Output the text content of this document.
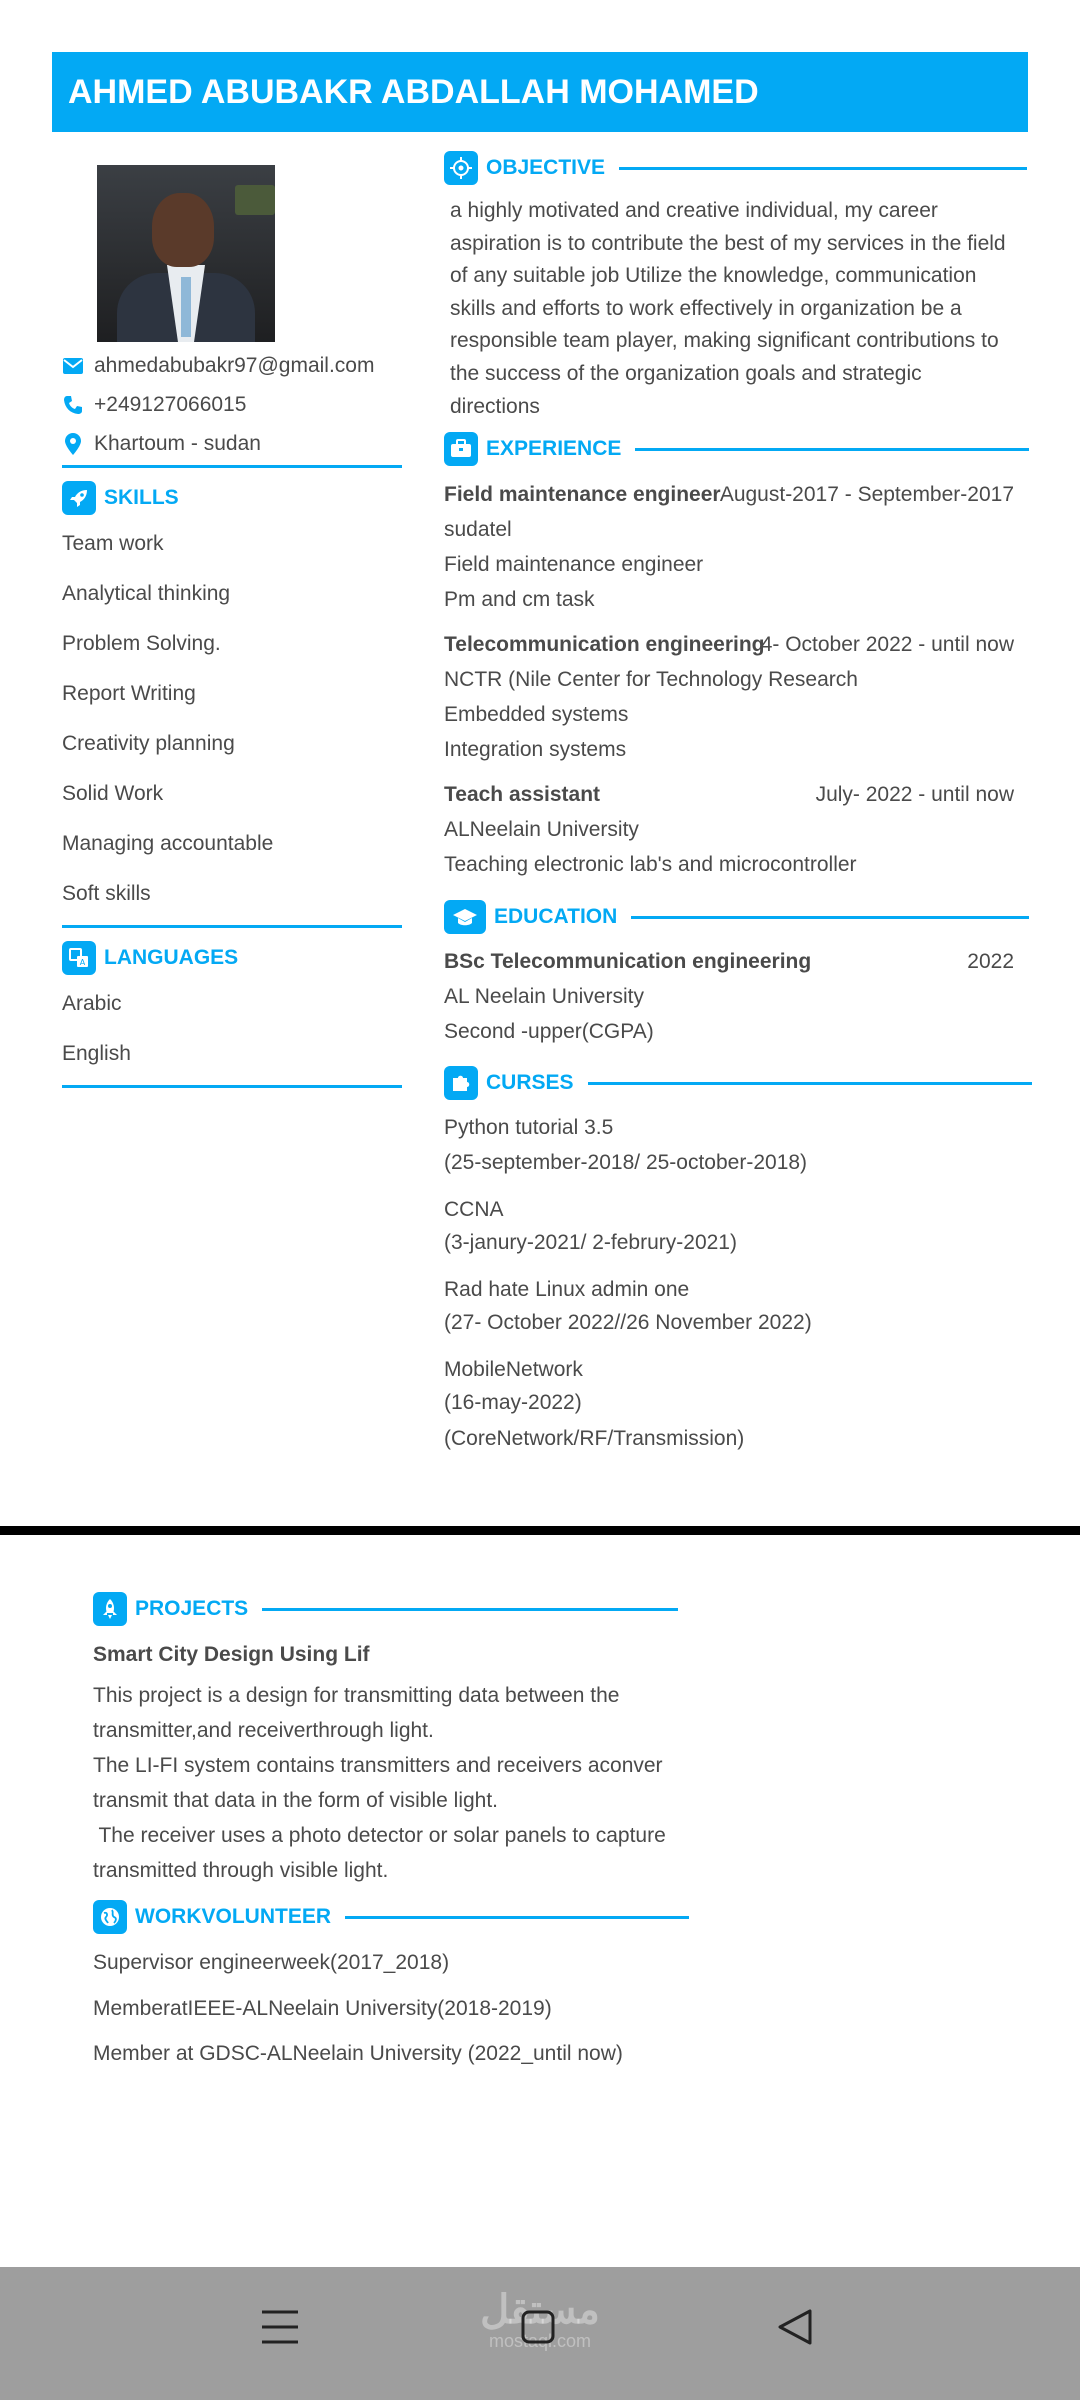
AHMED ABUBAKR ABDALLAH MOHAMED
ahmedabubakr97@gmail.com
+249127066015
Khartoum - sudan
SKILLS
Team work
Analytical thinking
Problem Solving.
Report Writing
Creativity planning
Solid Work
Managing accountable
Soft skills
A LANGUAGES
Arabic
English
OBJECTIVE
a highly motivated and creative individual, my career aspiration is to contribute the best of my services in the field of any suitable job Utilize the knowledge, communication skills and efforts to work effectively in organization be a responsible team player, making significant contributions to the success of the organization goals and strategic directions
EXPERIENCE
Field maintenance engineer August-2017 - September-2017
sudatel
Field maintenance engineer
Pm and cm task
Telecommunication engineering
4- October 2022 - until now
NCTR (Nile Center for Technology Research
Embedded systems
Integration systems
Teach assistant	July- 2022 - until now
ALNeelain University
Teaching electronic lab's and microcontroller
EDUCATION
BSc Telecommunication engineering	2022
AL Neelain University
Second -upper(CGPA)
CURSES
Python tutorial 3.5
(25-september-2018/ 25-october-2018)
CCNA
(3-janury-2021/ 2-februry-2021)
Rad hate Linux admin one
(27- October 2022//26 November 2022)
MobileNetwork
(16-may-2022)
(CoreNetwork/RF/Transmission)
PROJECTS
Smart City Design Using Lif
This project is a design for transmitting data between the
transmitter,and receiverthrough light.
The LI-FI system contains transmitters and receivers aconver
transmit that data in the form of visible light.
The receiver uses a photo detector or solar panels to capture
transmitted through visible light.
WORKVOLUNTEER
Supervisor engineerweek(2017_2018)
MemberatIEEE-ALNeelain University(2018-2019)
Member at GDSC-ALNeelain University (2022_until now)
مستقل
mostaql.com
